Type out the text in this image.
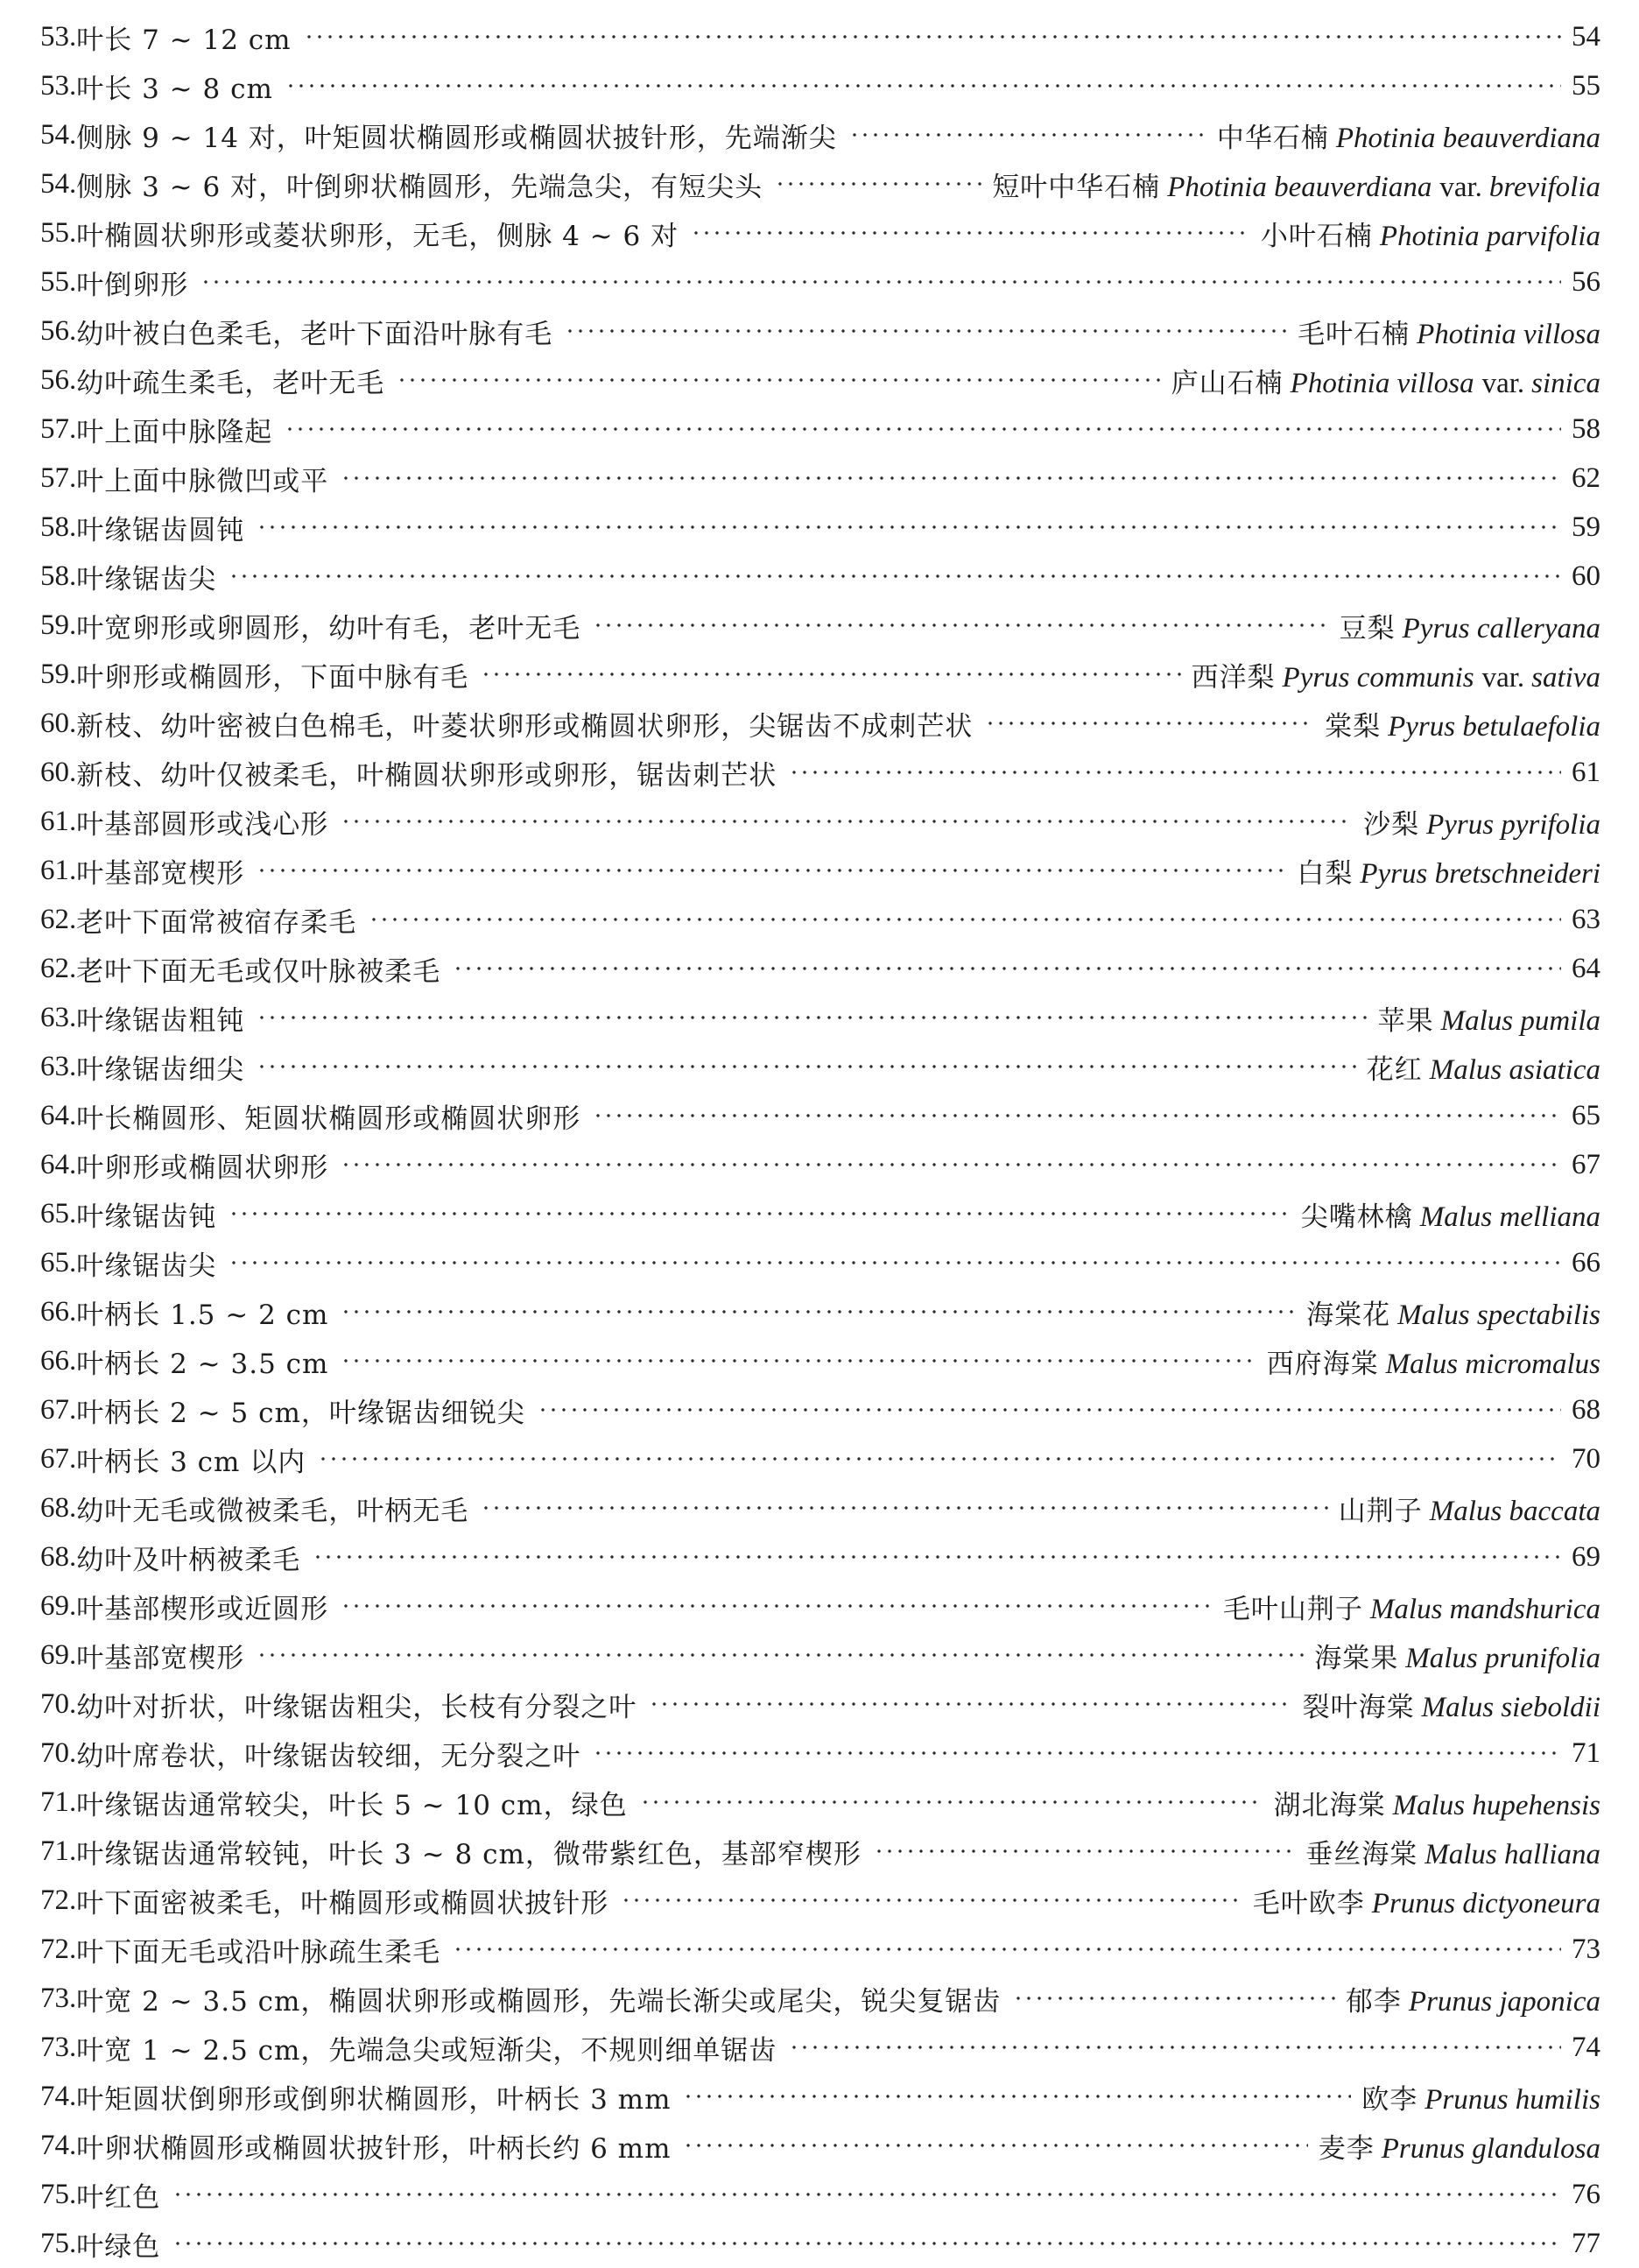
53. 叶长 7 ~ 12 cm	54
53. 叶长 3 ~ 8 cm	55
54. 侧脉 9 ~ 14 对，叶矩圆状椭圆形或椭圆状披针形，先端渐尖	中华石楠 Photinia beauverdiana
54. 侧脉 3 ~ 6 对，叶倒卵状椭圆形，先端急尖，有短尖头	短叶中华石楠 Photinia beauverdiana var. brevifolia
55. 叶椭圆状卵形或菱状卵形，无毛，侧脉 4 ~ 6 对	小叶石楠 Photinia parvifolia
55. 叶倒卵形	56
56. 幼叶被白色柔毛，老叶下面沿叶脉有毛	毛叶石楠 Photinia villosa
56. 幼叶疏生柔毛，老叶无毛	庐山石楠 Photinia villosa var. sinica
57. 叶上面中脉隆起	58
57. 叶上面中脉微凹或平	62
58. 叶缘锯齿圆钝	59
58. 叶缘锯齿尖	60
59. 叶宽卵形或卵圆形，幼叶有毛，老叶无毛	豆梨 Pyrus calleryana
59. 叶卵形或椭圆形，下面中脉有毛	西洋梨 Pyrus communis var. sativa
60. 新枝、幼叶密被白色棉毛，叶菱状卵形或椭圆状卵形，尖锯齿不成刺芒状	棠梨 Pyrus betulaefolia
60. 新枝、幼叶仅被柔毛，叶椭圆状卵形或卵形，锯齿刺芒状	61
61. 叶基部圆形或浅心形	沙梨 Pyrus pyrifolia
61. 叶基部宽楔形	白梨 Pyrus bretschneideri
62. 老叶下面常被宿存柔毛	63
62. 老叶下面无毛或仅叶脉被柔毛	64
63. 叶缘锯齿粗钝	苹果 Malus pumila
63. 叶缘锯齿细尖	花红 Malus asiatica
64. 叶长椭圆形、矩圆状椭圆形或椭圆状卵形	65
64. 叶卵形或椭圆状卵形	67
65. 叶缘锯齿钝	尖嘴林檎 Malus melliana
65. 叶缘锯齿尖	66
66. 叶柄长 1.5 ~ 2 cm	海棠花 Malus spectabilis
66. 叶柄长 2 ~ 3.5 cm	西府海棠 Malus micromalus
67. 叶柄长 2 ~ 5 cm，叶缘锯齿细锐尖	68
67. 叶柄长 3 cm 以内	70
68. 幼叶无毛或微被柔毛，叶柄无毛	山荆子 Malus baccata
68. 幼叶及叶柄被柔毛	69
69. 叶基部楔形或近圆形	毛叶山荆子 Malus mandshurica
69. 叶基部宽楔形	海棠果 Malus prunifolia
70. 幼叶对折状，叶缘锯齿粗尖，长枝有分裂之叶	裂叶海棠 Malus sieboldii
70. 幼叶席卷状，叶缘锯齿较细，无分裂之叶	71
71. 叶缘锯齿通常较尖，叶长 5 ~ 10 cm，绿色	湖北海棠 Malus hupehensis
71. 叶缘锯齿通常较钝，叶长 3 ~ 8 cm，微带紫红色，基部窄楔形	垂丝海棠 Malus halliana
72. 叶下面密被柔毛，叶椭圆形或椭圆状披针形	毛叶欧李 Prunus dictyoneura
72. 叶下面无毛或沿叶脉疏生柔毛	73
73. 叶宽 2 ~ 3.5 cm，椭圆状卵形或椭圆形，先端长渐尖或尾尖，锐尖复锯齿	郁李 Prunus japonica
73. 叶宽 1 ~ 2.5 cm，先端急尖或短渐尖，不规则细单锯齿	74
74. 叶矩圆状倒卵形或倒卵状椭圆形，叶柄长 3 mm	欧李 Prunus humilis
74. 叶卵状椭圆形或椭圆状披针形，叶柄长约 6 mm	麦李 Prunus glandulosa
75. 叶红色	76
75. 叶绿色	77
